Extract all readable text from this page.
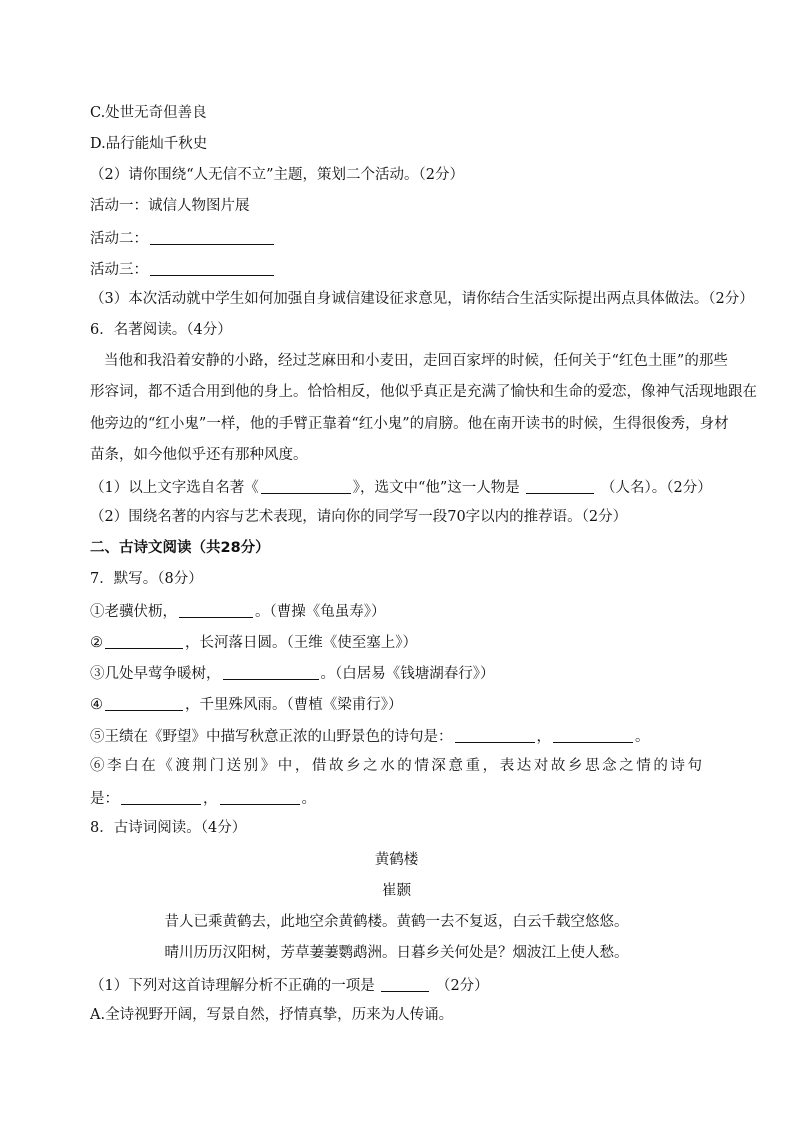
C.处世无奇但善良
D.品行能灿千秋史
（2）请你围绕“人无信不立”主题，策划二个活动。（2分）
活动一：诚信人物图片展
活动二：
活动三：
（3）本次活动就中学生如何加强自身诚信建设征求意见，请你结合生活实际提出两点具体做法。（2分）
6．名著阅读。（4分）
当他和我沿着安静的小路，经过芝麻田和小麦田，走回百家坪的时候，任何关于“红色土匪”的那些
形容词，都不适合用到他的身上。恰恰相反，他似乎真正是充满了愉快和生命的爱恋，像神气活现地跟在
他旁边的“红小鬼”一样，他的手臂正靠着“红小鬼”的肩膀。他在南开读书的时候，生得很俊秀，身材
苗条，如今他似乎还有那种风度。
（1）以上文字选自名著《	》，选文中“他”这一人物是	（人名）。（2分）
（2）围绕名著的内容与艺术表现，请向你的同学写一段70字以内的推荐语。（2分）
二、古诗文阅读（共28分）
7．默写。（8分）
①老骥伏枥，	。（曹操《龟虽寿》）
②	，长河落日圆。（王维《使至塞上》）
③几处早莺争暖树，	。（白居易《钱塘湖春行》）
④	，千里殊风雨。（曹植《梁甫行》）
⑤王绩在《野望》中描写秋意正浓的山野景色的诗句是：	，	。
⑥李白在《渡荆门送别》中，借故乡之水的情深意重，表达对故乡思念之情的诗句
是：	，	。
8．古诗词阅读。（4分）
黄鹤楼
崔颢
昔人已乘黄鹤去，此地空余黄鹤楼。黄鹤一去不复返，白云千载空悠悠。
晴川历历汉阳树，芳草萋萋鹦鹉洲。日暮乡关何处是？烟波江上使人愁。
（1）下列对这首诗理解分析不正确的一项是	（2分）
A.全诗视野开阔，写景自然，抒情真挚，历来为人传诵。
